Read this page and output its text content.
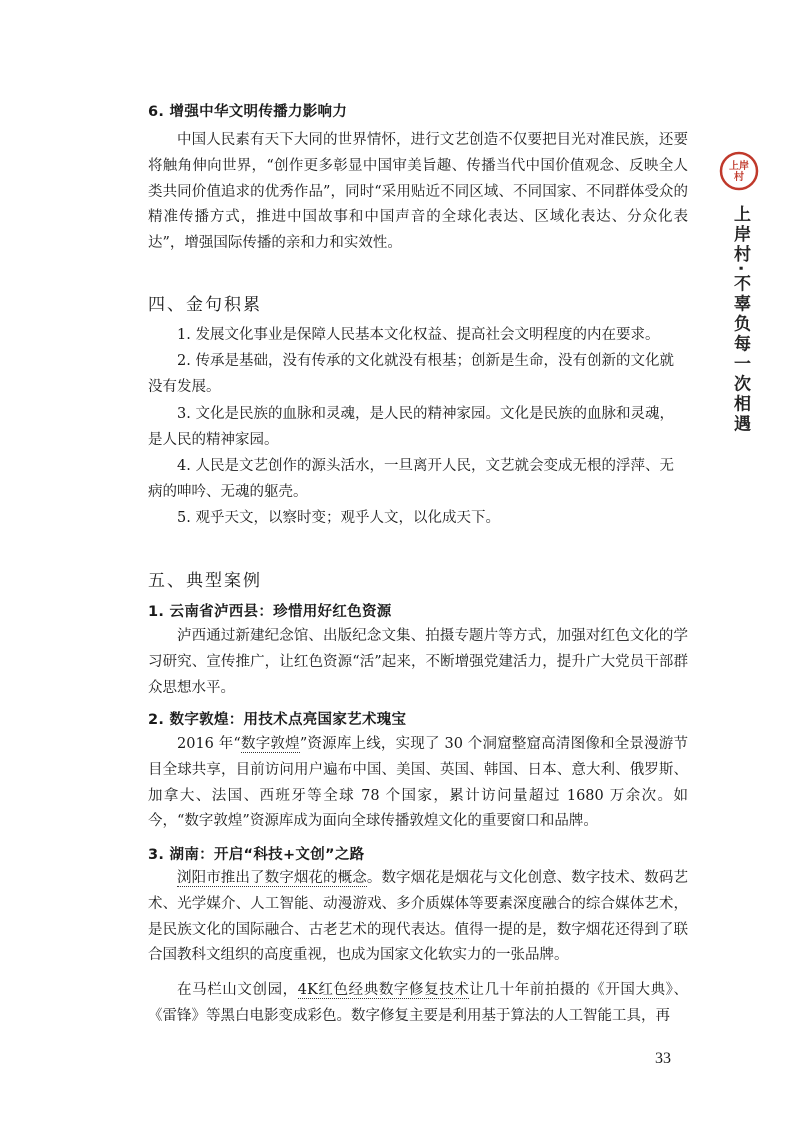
上岸
村
上岸村·不辜负每一次相遇
6. 增强中华文明传播力影响力
中国人民素有天下大同的世界情怀，进行文艺创造不仅要把目光对准民族，还要将触角伸向世界，“创作更多彰显中国审美旨趣、传播当代中国价值观念、反映全人类共同价值追求的优秀作品”，同时“采用贴近不同区域、不同国家、不同群体受众的精准传播方式，推进中国故事和中国声音的全球化表达、区域化表达、分众化表达”，增强国际传播的亲和力和实效性。
四、金句积累
1. 发展文化事业是保障人民基本文化权益、提高社会文明程度的内在要求。
2. 传承是基础，没有传承的文化就没有根基；创新是生命，没有创新的文化就没有发展。
3. 文化是民族的血脉和灵魂，是人民的精神家园。文化是民族的血脉和灵魂，是人民的精神家园。
4. 人民是文艺创作的源头活水，一旦离开人民，文艺就会变成无根的浮萍、无病的呻吟、无魂的躯壳。
5. 观乎天文，以察时变；观乎人文，以化成天下。
五、典型案例
1. 云南省泸西县：珍惜用好红色资源
泸西通过新建纪念馆、出版纪念文集、拍摄专题片等方式，加强对红色文化的学习研究、宣传推广，让红色资源“活”起来，不断增强党建活力，提升广大党员干部群众思想水平。
2. 数字敦煌：用技术点亮国家艺术瑰宝
2016 年“数字敦煌”资源库上线，实现了 30 个洞窟整窟高清图像和全景漫游节目全球共享，目前访问用户遍布中国、美国、英国、韩国、日本、意大利、俄罗斯、加拿大、法国、西班牙等全球 78 个国家，累计访问量超过 1680 万余次。如今，“数字敦煌”资源库成为面向全球传播敦煌文化的重要窗口和品牌。
3. 湖南：开启“科技+文创”之路
浏阳市推出了数字烟花的概念。数字烟花是烟花与文化创意、数字技术、数码艺术、光学媒介、人工智能、动漫游戏、多介质媒体等要素深度融合的综合媒体艺术，是民族文化的国际融合、古老艺术的现代表达。值得一提的是，数字烟花还得到了联合国教科文组织的高度重视，也成为国家文化软实力的一张品牌。
在马栏山文创园，4K红色经典数字修复技术让几十年前拍摄的《开国大典》、《雷锋》等黑白电影变成彩色。数字修复主要是利用基于算法的人工智能工具，再
33
